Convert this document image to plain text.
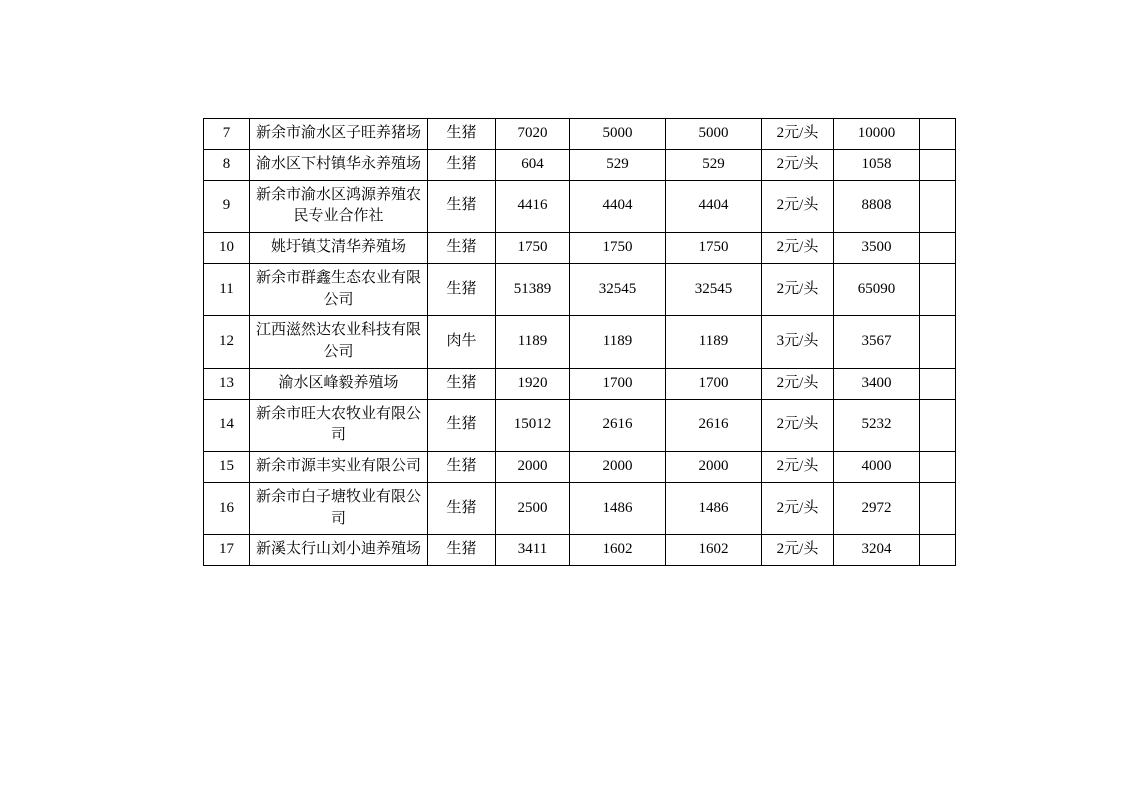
7	新余市渝水区子旺养猪场	生猪	7020	5000	5000	2元/头	10000	
8	渝水区下村镇华永养殖场	生猪	604	529	529	2元/头	1058	
9	新余市渝水区鸿源养殖农民专业合作社	生猪	4416	4404	4404	2元/头	8808	
10	姚圩镇艾清华养殖场	生猪	1750	1750	1750	2元/头	3500	
11	新余市群鑫生态农业有限公司	生猪	51389	32545	32545	2元/头	65090	
12	江西滋然达农业科技有限公司	肉牛	1189	1189	1189	3元/头	3567	
13	渝水区峰毅养殖场	生猪	1920	1700	1700	2元/头	3400	
14	新余市旺大农牧业有限公司	生猪	15012	2616	2616	2元/头	5232	
15	新余市源丰实业有限公司	生猪	2000	2000	2000	2元/头	4000	
16	新余市白子塘牧业有限公司	生猪	2500	1486	1486	2元/头	2972	
17	新溪太行山刘小迪养殖场	生猪	3411	1602	1602	2元/头	3204	
